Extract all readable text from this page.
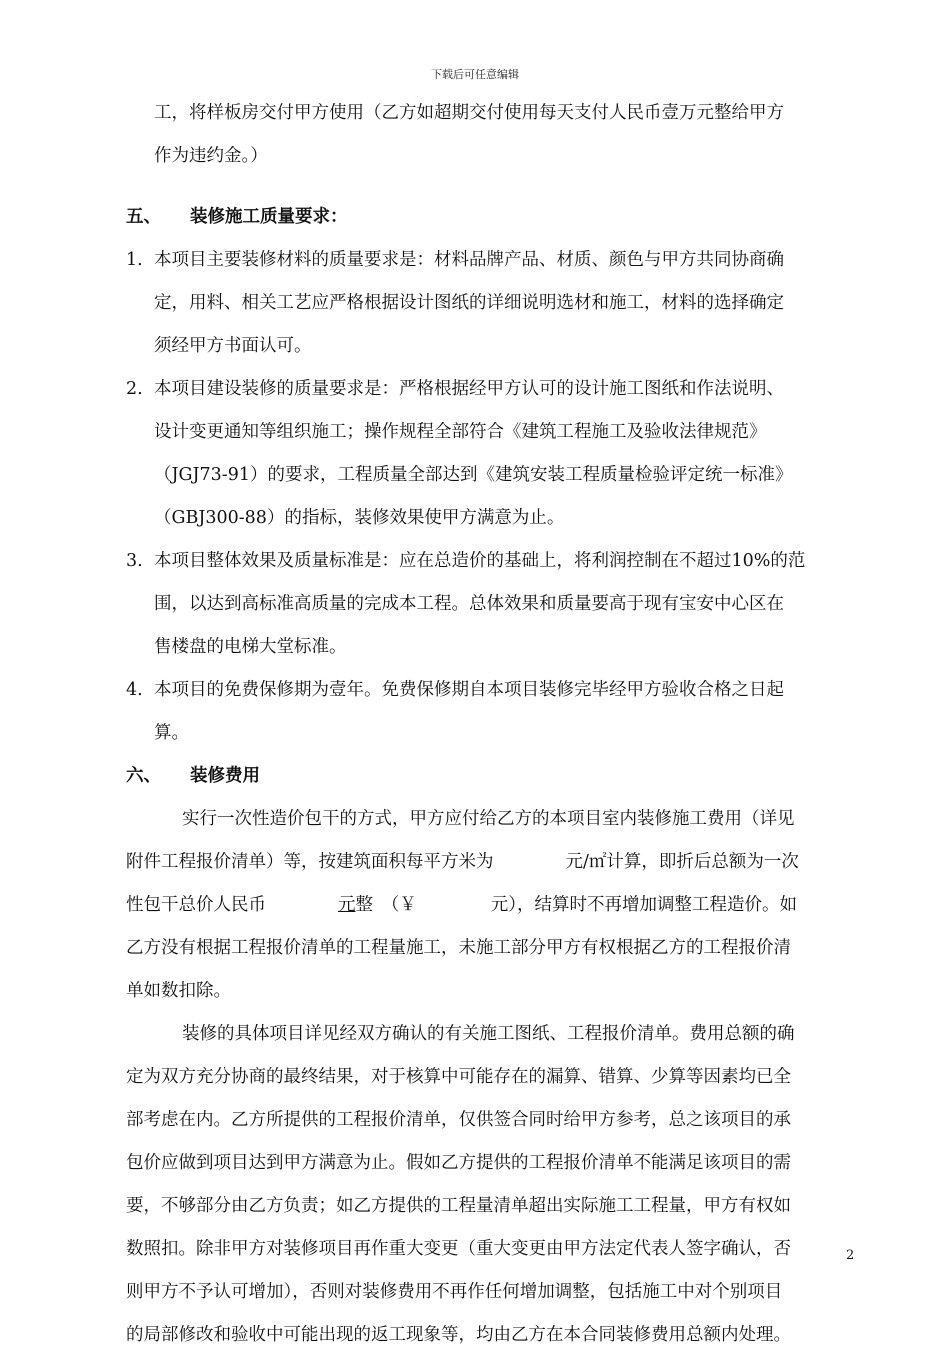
下载后可任意编辑
工，将样板房交付甲方使用（乙方如超期交付使用每天支付人民币壹万元整给甲方
作为违约金。）
五、 装修施工质量要求：
1. 本项目主要装修材料的质量要求是：材料品牌产品、材质、颜色与甲方共同协商确
定，用料、相关工艺应严格根据设计图纸的详细说明选材和施工，材料的选择确定
须经甲方书面认可。
2. 本项目建设装修的质量要求是：严格根据经甲方认可的设计施工图纸和作法说明、
设计变更通知等组织施工；操作规程全部符合《建筑工程施工及验收法律规范》
（JGJ73-91）的要求，工程质量全部达到《建筑安装工程质量检验评定统一标准》
（GBJ300-88）的指标，装修效果使甲方满意为止。
3. 本项目整体效果及质量标准是：应在总造价的基础上，将利润控制在不超过10%的范
围，以达到高标准高质量的完成本工程。总体效果和质量要高于现有宝安中心区在
售楼盘的电梯大堂标准。
4. 本项目的免费保修期为壹年。免费保修期自本项目装修完毕经甲方验收合格之日起
算。
六、 装修费用
实行一次性造价包干的方式，甲方应付给乙方的本项目室内装修施工费用（详见
附件工程报价清单）等，按建筑面积每平方米为	元/㎡计算，即折后总额为一次
性包干总价人民币	元整　（￥	元），结算时不再增加调整工程造价。如
乙方没有根据工程报价清单的工程量施工，未施工部分甲方有权根据乙方的工程报价清
单如数扣除。
装修的具体项目详见经双方确认的有关施工图纸、工程报价清单。费用总额的确
定为双方充分协商的最终结果，对于核算中可能存在的漏算、错算、少算等因素均已全
部考虑在内。乙方所提供的工程报价清单，仅供签合同时给甲方参考，总之该项目的承
包价应做到项目达到甲方满意为止。假如乙方提供的工程报价清单不能满足该项目的需
要，不够部分由乙方负责；如乙方提供的工程量清单超出实际施工工程量，甲方有权如
数照扣。除非甲方对装修项目再作重大变更（重大变更由甲方法定代表人签字确认，否
则甲方不予认可增加），否则对装修费用不再作任何增加调整，包括施工中对个别项目
的局部修改和验收中可能出现的返工现象等，均由乙方在本合同装修费用总额内处理。
2
